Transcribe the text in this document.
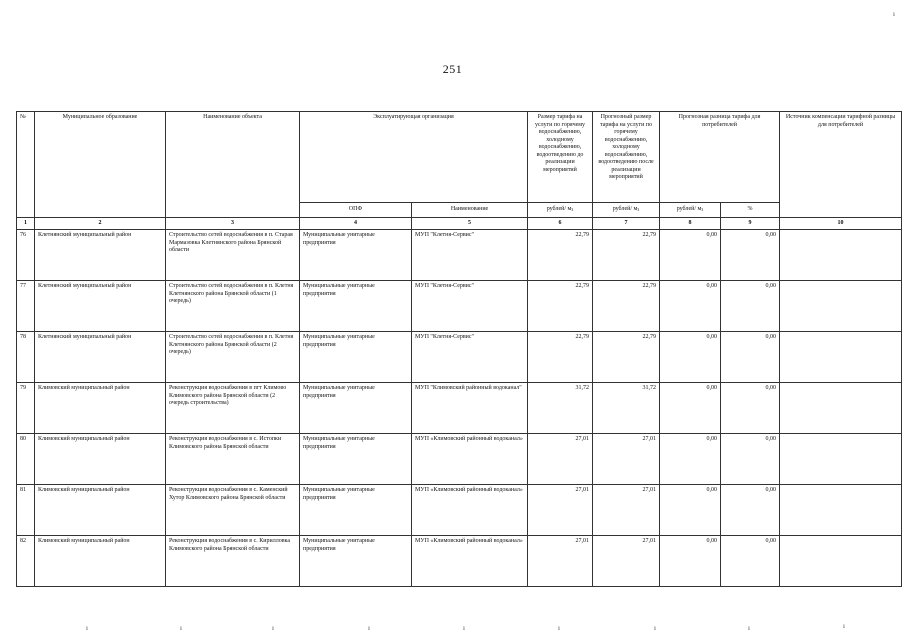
251
№	Муниципальное образование	Наименование объекта	Эксплуатирующая организация		Размер тарифа на услуги по горячему водоснабжению, холодному водоснабжению, водоотведению до реализации мероприятий	Прогнозный размер тарифа на услуги по горячему водоснабжению, холодному водоснабжению, водоотведению после реализации мероприятий	Прогнозная разница тарифа для потребителей		Источник компенсации тарифной разницы для потребителей
			ОПФ	Наименование	рублей/ $м^3$	рублей/ $м^3$	рублей/ $м^3$	%	
1	2	3	4	5	6	7	8	9	10
76	Клетнянский муниципальный район	Строительство сетей водоснабжения в п. Старая Мармазовка Клетнянского района Брянской области	Муниципальные унитарные предприятия	МУП "Клетня-Сервис"	22,79	22,79	0,00	0,00	
77	Клетнянский муниципальный район	Строительство сетей водоснабжения в п. Клетня Клетнянского района Брянской области (1 очередь)	Муниципальные унитарные предприятия	МУП "Клетня-Сервис"	22,79	22,79	0,00	0,00	
78	Клетнянский муниципальный район	Строительство сетей водоснабжения в п. Клетня Клетнянского района Брянской области (2 очередь)	Муниципальные унитарные предприятия	МУП "Клетня-Сервис"	22,79	22,79	0,00	0,00	
79	Климовский муниципальный район	Реконструкция водоснабжения в пгт Климово Климовского района Брянской области (2 очередь строительства)	Муниципальные унитарные предприятия	МУП "Климовский районный водоканал"	31,72	31,72	0,00	0,00	
80	Климовский муниципальный район	Реконструкция водоснабжения в с. Истопки Климовского района Брянской области	Муниципальные унитарные предприятия	МУП «Климовский районный водоканал»	27,01	27,01	0,00	0,00	
81	Климовский муниципальный район	Реконструкция водоснабжения в с. Каменский Хутор Климовского района Брянской области	Муниципальные унитарные предприятия	МУП «Климовский районный водоканал»	27,01	27,01	0,00	0,00	
82	Климовский муниципальный район	Реконструкция водоснабжения в с. Кирилловка Климовского района Брянской области	Муниципальные унитарные предприятия	МУП «Климовский районный водоканал»	27,01	27,01	0,00	0,00	
ı	ı	ı	ı	ı	ı	ı	ı	ı
ı
